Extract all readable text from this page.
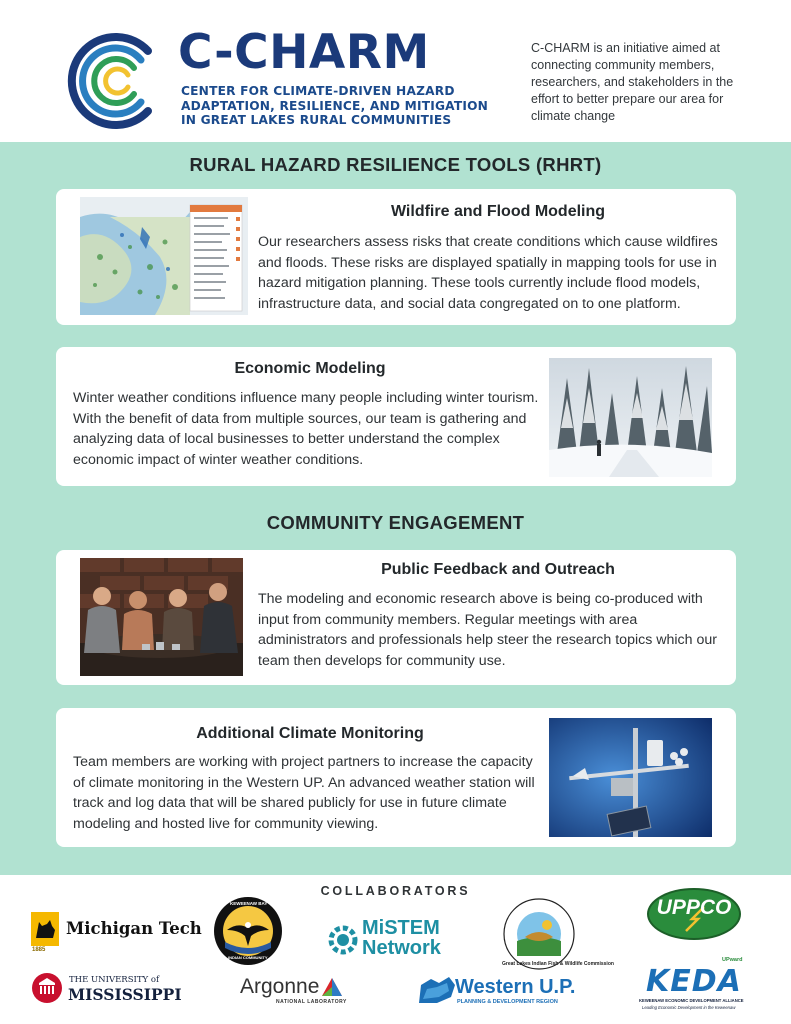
C-CHARM
CENTER FOR CLIMATE-DRIVEN HAZARD
ADAPTATION, RESILIENCE, AND MITIGATION
IN GREAT LAKES RURAL COMMUNITIES
C-CHARM is an initiative aimed at connecting community members, researchers, and stakeholders in the effort to better prepare our area for climate change
RURAL HAZARD RESILIENCE TOOLS (RHRT)
Wildfire and Flood Modeling

Our researchers assess risks that create conditions which cause wildfires and floods. These risks are displayed spatially in mapping tools for use in hazard mitigation planning. These tools currently include flood models, infrastructure data, and social data congregated on to one platform.

Economic Modeling

Winter weather conditions influence many people including winter tourism. With the benefit of data from multiple sources, our team is gathering and analyzing data of local businesses to better understand the complex economic impact of winter weather conditions.

COMMUNITY ENGAGEMENT
Public Feedback and Outreach

The modeling and economic research above is being co-produced with input from community members. Regular meetings with area administrators and professionals help steer the research topics which our team then develops for community use.

Additional Climate Monitoring

Team members are working with project partners to increase the capacity of climate monitoring in the Western UP. An advanced weather station will track and log data that will be shared publicly for use in future climate modeling and hosted live for community viewing.

COLLABORATORS
1885
Michigan Tech
KEWEENAW BAY
INDIAN COMMUNITY
MiSTEM
Network
Great Lakes Indian Fish & Wildlife Commission
UPPCO
THE UNIVERSITY of
MISSISSIPPI	Argonne
NATIONAL LABORATORY
Western U.P.
PLANNING & DEVELOPMENT REGION
UPward
KEDA
KEWEENAW ECONOMIC DEVELOPMENT ALLIANCE
Leading Economic Development in the Keweenaw
